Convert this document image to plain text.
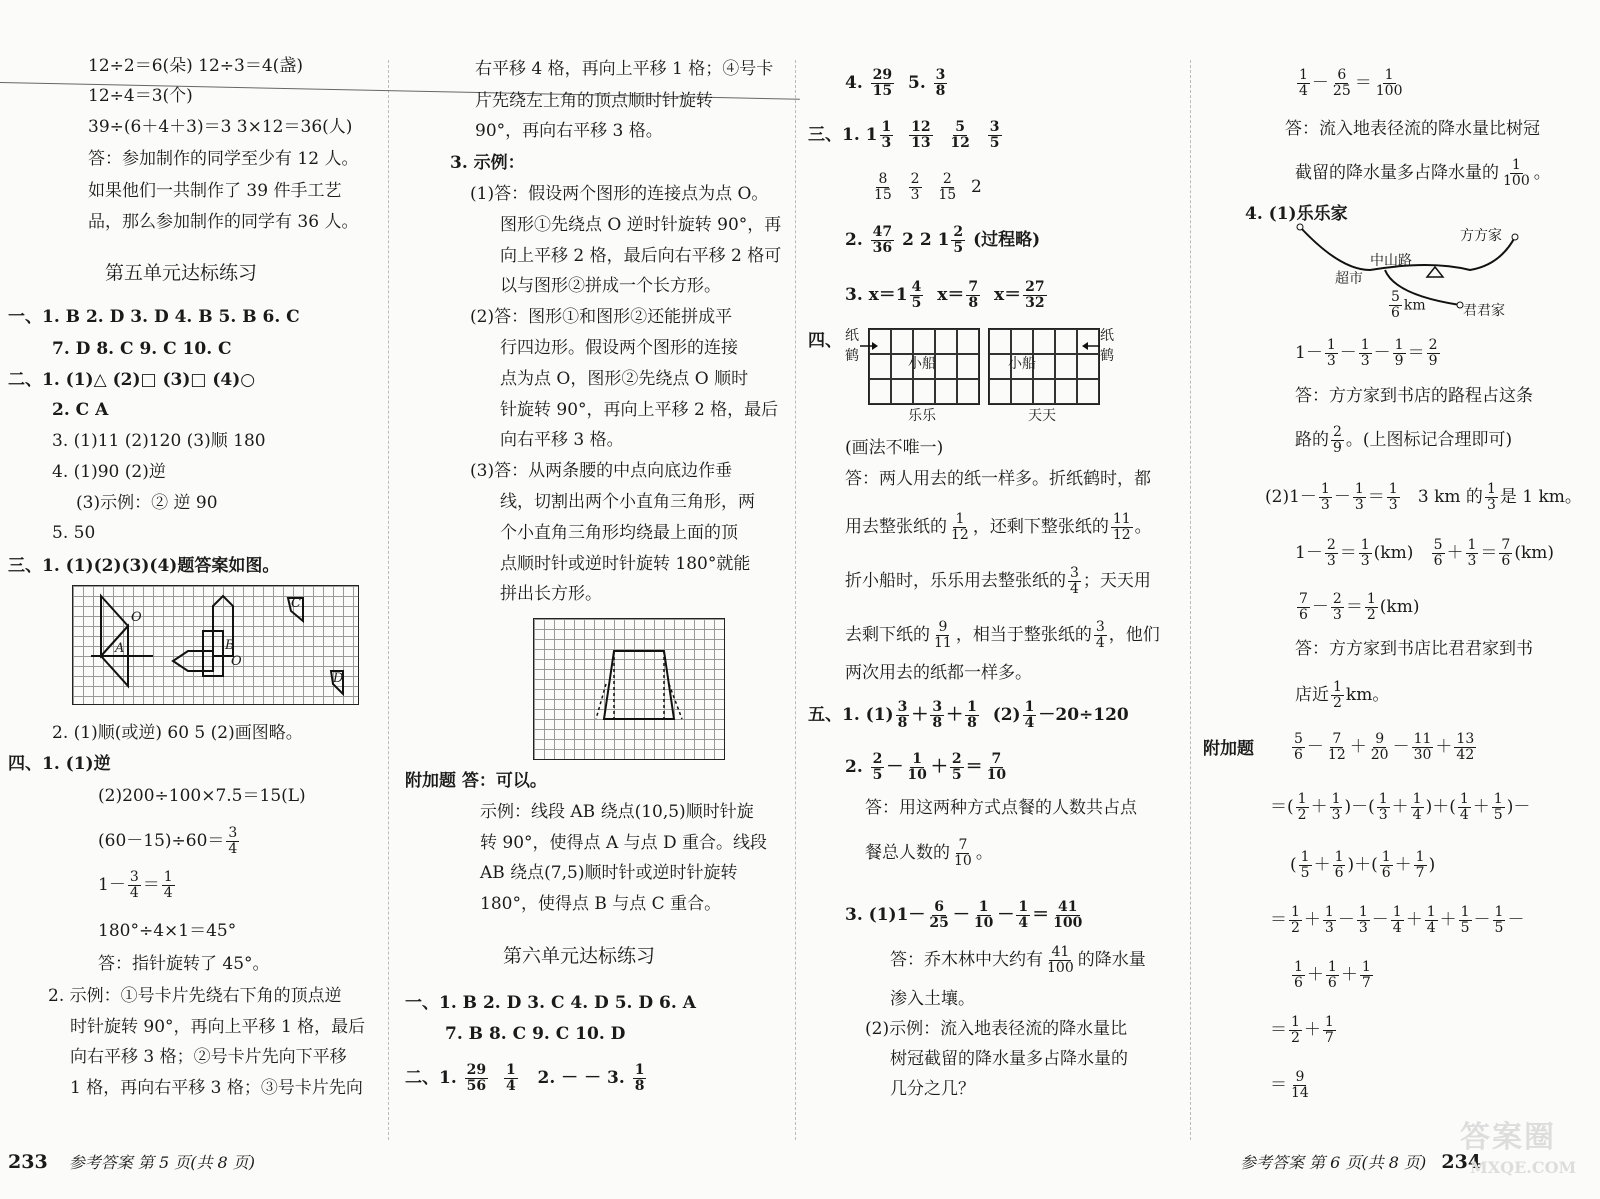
12÷2＝6(朵) 12÷3＝4(盏)
12÷4＝3(个)
39÷(6＋4＋3)＝3 3×12＝36(人)
答：参加制作的同学至少有 12 人。
如果他们一共制作了 39 件手工艺
品，那么参加制作的同学有 36 人。
第五单元达标练习
一、1. B 2. D 3. D 4. B 5. B 6. C
7. D 8. C 9. C 10. C
二、1. (1)△ (2)□ (3)□ (4)○
2. C A
3. (1)11 (2)120 (3)顺 180
4. (1)90 (2)逆
(3)示例：② 逆 90
5. 50
三、1. (1)(2)(3)(4)题答案如图。
O
A	B
C
D
O
2. (1)顺(或逆) 60 5 (2)画图略。
四、1. (1)逆
(2)200÷100×7.5＝15(L)
$(60-15)\div 60= \frac{3}{4}$
$1- \frac{3}{4} = \frac{1}{4}$
180°÷4×1＝45°
答：指针旋转了 45°。
2. 示例：①号卡片先绕右下角的顶点逆
时针旋转 90°，再向上平移 1 格，最后
向右平移 3 格；②号卡片先向下平移
1 格，再向右平移 3 格；③号卡片先向
右平移 4 格，再向上平移 1 格；④号卡
片先绕左上角的顶点顺时针旋转
90°，再向右平移 3 格。
3. 示例：
(1)答：假设两个图形的连接点为点 O。
图形①先绕点 O 逆时针旋转 90°，再
向上平移 2 格，最后向右平移 2 格可
以与图形②拼成一个长方形。
(2)答：图形①和图形②还能拼成平
行四边形。假设两个图形的连接
点为点 O，图形②先绕点 O 顺时
针旋转 90°，再向上平移 2 格，最后
向右平移 3 格。
(3)答：从两条腰的中点向底边作垂
线，切割出两个小直角三角形，两
个小直角三角形均绕最上面的顶
点顺时针或逆时针旋转 180°就能
拼出长方形。
附加题 答：可以。
示例：线段 AB 绕点(10,5)顺时针旋
转 90°，使得点 A 与点 D 重合。线段
AB 绕点(7,5)顺时针或逆时针旋转
180°，使得点 B 与点 C 重合。
第六单元达标练习
一、1. B 2. D 3. C 4. D 5. D 6. A
7. B 8. C 9. C 10. D
二、1. $\frac{29}{56}$
$\frac{1}{4} 2$. － － 3. $\frac{1}{8}$
4. $\frac{29}{15} 5$. $\frac{3}{8}$
三、1. $1 \frac{1}{3}$
$\frac{12}{13}$
$\frac{5}{12}$
$\frac{3}{5}$
$\frac{8}{15}$
$\frac{2}{3}$
$\frac{2}{15} 2$
2. $\frac{47}{36} 2$ 2 $1 \frac{2}{5}$ (过程略)
3. $x=1 \frac{4}{5} x= \frac{7}{8} x= \frac{27}{32}$
四、 纸
鹤	小船
乐乐
小船
天天
纸
鹤
(画法不唯一)
答：两人用去的纸一样多。折纸鹤时，都
用去整张纸的 $\frac{1}{12}$ ，还剩下整张纸的 $\frac{11}{12}$ 。
折小船时，乐乐用去整张纸的 $\frac{3}{4}$ ；天天用
去剩下纸的 $\frac{9}{11}$ ，相当于整张纸的 $\frac{3}{4}$ ，他们
两次用去的纸都一样多。
五、1. $(1) \frac{3}{8} + \frac{3}{8} + \frac{1}{8} (2) \frac{1}{4} -20\div 120$
2. $\frac{2}{5} - \frac{1}{10} + \frac{2}{5} = \frac{7}{10}$
答：用这两种方式点餐的人数共占点
餐总人数的 $\frac{7}{10}$ 。
3. $(1)1- \frac{6}{25} - \frac{1}{10} - \frac{1}{4} = \frac{41}{100}$
答：乔木林中大约有 $\frac{41}{100}$ 的降水量
渗入土壤。
(2)示例：流入地表径流的降水量比
树冠截留的降水量多占降水量的
几分之几？
$\frac{1}{4} - \frac{6}{25} = \frac{1}{100}$
答：流入地表径流的降水量比树冠
截留的降水量多占降水量的 $\frac{1}{100}$ 。
4. (1)乐乐家
方方家
中山路
超市
$\frac{5}{6}$ km	君君家
$1- \frac{1}{3} - \frac{1}{3} - \frac{1}{9} = \frac{2}{9}$
答：方方家到书店的路程占这条
路的 $\frac{2}{9}$ 。(上图标记合理即可)
$(2)1- \frac{1}{3} - \frac{1}{3} = \frac{1}{3} 3$ km 的 $\frac{1}{3}$ 是 1 km。
$1- \frac{2}{3} = \frac{1}{3} (km) \frac{5}{6} + \frac{1}{3} = \frac{7}{6} (km)$
$\frac{7}{6} - \frac{2}{3} = \frac{1}{2} (km)$
答：方方家到书店比君君家到书
店近 $\frac{1}{2}$ km。
附加题	$\frac{5}{6} - \frac{7}{12} + \frac{9}{20} - \frac{11}{30} + \frac{13}{42}$
＝( $\frac{1}{2} + \frac{1}{3}$ )－( $\frac{1}{3} + \frac{1}{4}$ )＋( $\frac{1}{4} + \frac{1}{5}$ )－
( $\frac{1}{5} + \frac{1}{6}$ )＋( $\frac{1}{6} + \frac{1}{7}$ )
＝ $\frac{1}{2} + \frac{1}{3} - \frac{1}{3} - \frac{1}{4} + \frac{1}{4} + \frac{1}{5} - \frac{1}{5}$ －
$\frac{1}{6} + \frac{1}{6} + \frac{1}{7}$
＝ $\frac{1}{2} + \frac{1}{7}$
＝ $\frac{9}{14}$
233 参考答案 第 5 页(共 8 页)	参考答案 第 6 页(共 8 页) 234
答案圈
MXQE.COM
